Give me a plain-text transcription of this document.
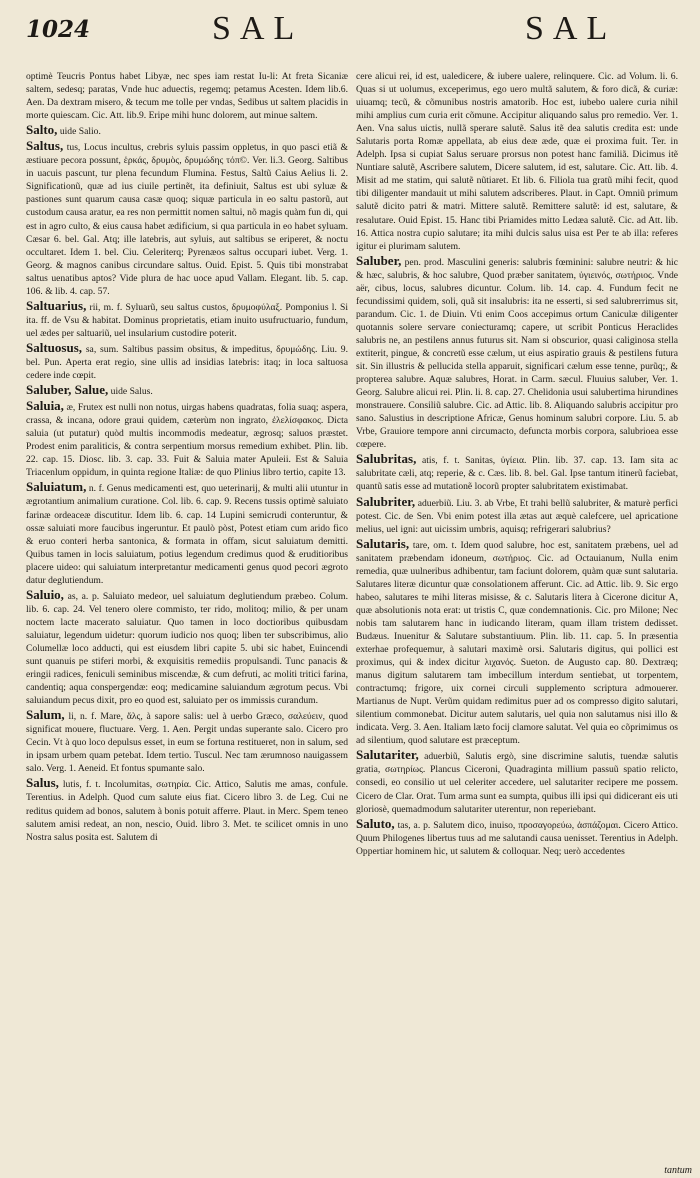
1024	SAL	SAL

optimè Teucris Pontus habet Libyæ, nec spes iam restat Iu-li: At freta Sicaniæ saltem, sedesq; paratas, Vnde huc aduectis, regemq; petamus Acesten. Idem lib.6. Aen. Da dextram misero, & tecum me tolle per vndas, Sedibus ut saltem placidis in morte quiescam. Cic. Att. lib.9. Eripe mihi hunc dolorem, aut minue saltem.

Salto, uide Salio.

Saltus, tus, Locus incultus, crebris syluis passim oppletus, in quo pasci etiã & æstiuare pecora possunt, ἑρκάς, δρυμὸς, δρυμώδης τόπ©. Ver. li.3. Georg. Saltibus in uacuis pascunt, tur plena fecundum Flumina. Festus, Saltũ Caius Aelius li. 2. Significationũ, quæ ad ius ciuile pertinẽt, ita definiuit, Saltus est ubi syluæ & pastiones sunt quarum causa casæ quoq; siquæ particula in eo saltu pastorũ, aut custodum causa aratur, ea res non permittit nomen saltui, nõ magis quàm fun di, qui est in agro culto, & eius causa habet ædificium, si qua particula in eo habet syluam. Cæsar 6. bel. Gal. Atq; ille latebris, aut syluis, aut saltibus se eriperet, & noctu occultaret. Idem 1. bel. Ciu. Celeriterq; Pyrenæos saltus occupari iubet. Verg. 1. Georg. & magnos canibus circundare saltus. Ouid. Epist. 5. Quis tibi monstrabat saltus uenatibus aptos? Vide plura de hac uoce apud Vallam. Elegant. lib. 5. cap. 106. & lib. 4. cap. 57.

Saltuarius, rii, m. f. Syluarũ, seu saltus custos, δρυμοφύλαξ. Pomponius l. Si ita. ff. de Vsu & habitat. Dominus proprietatis, etiam inuito usufructuario, fundum, uel ædes per saltuariũ, uel insularium custodire poterit.

Saltuosus, sa, sum. Saltibus passim obsitus, & impeditus, δρυμώδης. Liu. 9. bel. Pun. Aperta erat regio, sine ullis ad insidias latebris: itaq; in loca saltuosa cedere inde cœpit.

Saluber, Salue, uide Salus.

Saluia, æ, Frutex est nulli non notus, uirgas habens quadratas, folia suaq; aspera, crassa, & incana, odore graui quidem, cæterùm non ingrato, ἐλελίσφακος. Dicta saluia (ut putatur) quòd multis incommodis medeatur, ægrosq; saluos præstet. Prodest enim paraliticis, & contra serpentium morsus remedium exhibet. Plin. lib. 22. cap. 15. Diosc. lib. 3. cap. 33. Fuit & Saluia mater Apuleii. Est & Saluia Triacenlum oppidum, in quinta regione Italiæ: de quo Plinius libro tertio, capite 13.

Saluiatum, n. f. Genus medicamenti est, quo ueterinarij, & multi alii utuntur in ægrotantium animalium curatione. Col. lib. 6. cap. 9. Recens tussis optimè saluiato farinæ ordeaceæ discutitur. Idem lib. 6. cap. 14 Lupini semicrudi conteruntur, & ossæ saluiati more faucibus ingeruntur. Et paulò pòst, Potest etiam cum arido fico & eruo conteri herba santonica, & formata in offam, sicut saluiatum demitti. Quibus tamen in locis saluiatum, potius legendum credimus quod & eruditioribus placere uideo: qui saluiatum interpretantur medicamenti genus quod pecori ægroto datur deglutiendum.

Saluio, as, a. p. Saluiato medeor, uel saluiatum deglutiendum præbeo. Colum. lib. 6. cap. 24. Vel tenero olere commisto, ter rido, molitoq; milio, & per unam noctem lacte macerato saluiatur. Quo tamen in loco doctioribus quibusdam saluiatur, legendum uidetur: quorum iudicio nos quoq; liben ter subscribimus, alio Columellæ loco adducti, qui est eiusdem libri capite 5. ubi sic habet, Euincendi sunt quanuis pe stiferi morbi, & exquisitis remediis propulsandi. Tunc panacis & eringii radices, feniculi seminibus miscendæ, & cum defruti, ac moliti tritici farina, candentiq; aqua conspergendæ: eoq; medicamine saluiandum ægrotum pecus. Vbi saluiandum pecus dixit, pro eo quod est, saluiato per os immissis curandum.

Salum, li, n. f. Mare, ἅλς, à sapore salis: uel à uerbo Græco, σαλεύειν, quod significat mouere, fluctuare. Verg. 1. Aen. Pergit undas superante salo. Cicero pro Cecin. Vt à quo loco depulsus esset, in eum se fortuna restitueret, non in salum, sed in ipsam urbem quam petebat. Idem tertio. Tuscul. Nec tam ærumnoso nauigassem salo. Verg. 1. Aeneid. Et fontus spumante salo.

Salus, lutis, f. t. Incolumitas, σωτηρία. Cic. Attico, Salutis me amas, confule. Terentius. in Adelph. Quod cum salute eius fiat. Cicero libro 3. de Leg. Cui ne reditus quidem ad bonos, salutem à bonis potuit afferre. Plaut. in Merc. Spem teneo salutem amisi redeat, an non, nescio, Ouid. libro 3. Met. te scilicet omnis in uno Nostra salus posita est. Salutem di

cere alicui rei, id est, ualedicere, & iubere ualere, relinquere. Cic. ad Volum. li. 6. Quas si ut uolumus, exceperimus, ego uero multã salutem, & foro dicã, & curiæ: uiuamq; tecũ, & cõmunibus nostris amatorib. Hoc est, iubebo ualere curia nihil mihi amplius cum curia erit cõmune. Accipitur aliquando salus pro remedio. Ver. 1. Aen. Vna salus uictis, nullã sperare salutẽ. Salus itẽ dea salutis credita est: unde Salutaris porta Romæ appellata, ab eius deæ æde, quæ ei proxima fuit. Ter. in Adelph. Ipsa si cupiat Salus seruare prorsus non potest hanc familiã. Dicimus itẽ Nuntiare salutẽ, Ascribere salutem, Dicere salutem, id est, salutare. Cic. Att. lib. 4. Misit ad me statim, qui salutẽ nũtiaret. Et lib. 6. Filiola tua gratũ mihi fecit, quod tibi diligenter mandauit ut mihi salutem adscriberes. Plaut. in Capt. Omniũ primum salutẽ dicito patri & matri. Mittere salutẽ. Remittere salutẽ: id est, salutare, & resalutare. Ouid Epist. 15. Hanc tibi Priamides mitto Ledæa salutẽ. Cic. ad Att. lib. 16. Attica nostra cupio salutare; ita mihi dulcis salus uisa est Per te ab illa: referes igitur ei plurimam salutem.

Saluber, pen. prod. Masculini generis: salubris fœminini: salubre neutri: & hic & hæc, salubris, & hoc salubre, Quod præber sanitatem, ὑγιεινός, σωτήριος. Vnde aër, cibus, locus, salubres dicuntur. Colum. lib. 14. cap. 4. Fundum fecit ne fecundissimi quidem, soli, quã sit insalubris: ita ne esserti, si sed salubrerrimus sit, parandum. Cic. 1. de Diuin. Vti enim Coos accepimus ortum Caniculæ diligenter quotannis solere servare coniecturamq; capere, ut scribit Ponticus Heraclides salubris ne, an pestilens annus futurus sit. Nam si obscurior, quasi caliginosa stella extiterit, pingue, & concretũ esse cælum, ut eius aspiratio grauis & pestilens futura sit. Sin illustris & pellucida stella apparuit, significari cælum esse tenne, purũq;, & propterea salubre. Aquæ salubres, Horat. in Carm. sæcul. Fluuius saluber, Ver. 1. Georg. Salubre alicui rei. Plin. li. 8. cap. 27. Chelidonia usui salubertima hirundines monstrauere. Consiliũ salubre. Cic. ad Attic. lib. 8. Aliquando salubris accipitur pro sano. Salustius in descriptione Africæ, Genus hominum salubri corpore. Liu. 5. ab Vrbe, Grauiore tempore anni circumacto, defuncta morbis corpora, salubrioea esse cœpere.

Salubritas, atis, f. t. Sanitas, ὑγίεια. Plin. lib. 37. cap. 13. Iam sita ac salubritate cæli, atq; reperie, & c. Cæs. lib. 8. bel. Gal. Ipse tantum itinerũ faciebat, quantũ satis esse ad mutationẽ locorũ propter salubritatem existimabat.

Salubriter, aduerbiũ. Liu. 3. ab Vrbe, Et trahi bellũ salubriter, & maturè perfici potest. Cic. de Sen. Vbi enim potest illa ætas aut æquè calefcere, uel apricatione melius, uel igni: aut uicissim umbris, aquisq; refrigerari salubrius?

Salutaris, tare, om. t. Idem quod salubre, hoc est, sanitatem præbens, uel ad sanitatem præbendam idoneum, σωτήριος. Cic. ad Octauianum, Nulla enim remedia, quæ uulneribus adhibentur, tam faciunt dolorem, quàm quæ sunt salutaria. Salutares literæ dicuntur quæ consolationem afferunt. Cic. ad Attic. lib. 9. Sic ergo habeo, salutares te mihi literas misisse, & c. Salutaris litera à Cicerone dicitur A, quæ absolutionis nota erat: ut tristis C, quæ condemnationis. Cic. pro Milone; Nec nobis tam salutarem hanc in iudicando literam, quam illam tristem dedisset. Budæus. Inuenitur & Salutare substantiuum. Plin. lib. 11. cap. 5. In præsentia exterhae profequemur, à salutari maximè orsi. Salutaris digitus, qui pollici est proximus, qui & index dicitur λιχανός. Sueton. de Augusto cap. 80. Dextræq; manus digitum salutarem tam imbecillum interdum sentiebat, ut torpentem, contractumq; frigore, uix cornei circuli supplemento scriptura admouerer. Martianus de Nupt. Verũm quidam redimitus puer ad os compresso digito salutari, silentium commonebat. Dicitur autem salutaris, uel quia non salutamus nisi illo & indicata. Verg. 3. Aen. Italiam læto focij clamore salutat. Vel quia eo cõprimimus os ad silentium, quod salutare est præceptum.

Salutariter, aduerbiũ, Salutis ergò, sine discrimine salutis, tuendæ salutis gratia, σωτηρίως. Plancus Ciceroni, Quadraginta millium passuũ spatio relicto, consedi, eo consilio ut uel celeriter accedere, uel salutariter recipere me possem. Cicero de Clar. Orat. Tum arma sunt ea sumpta, quibus illi ipsi qui didicerant eis uti gloriosè, quemadmodum salutariter uterentur, non reperiebant.

Saluto, tas, a. p. Salutem dico, inuiso, προσαγορεύω, ἀσπάζομαι. Cicero Attico. Quum Philogenes libertus tuus ad me salutandi causa uenisset. Terentius in Adelph. Oppertiar hominem hic, ut salutem & colloquar. Neq; uerò accedentes

tantum
